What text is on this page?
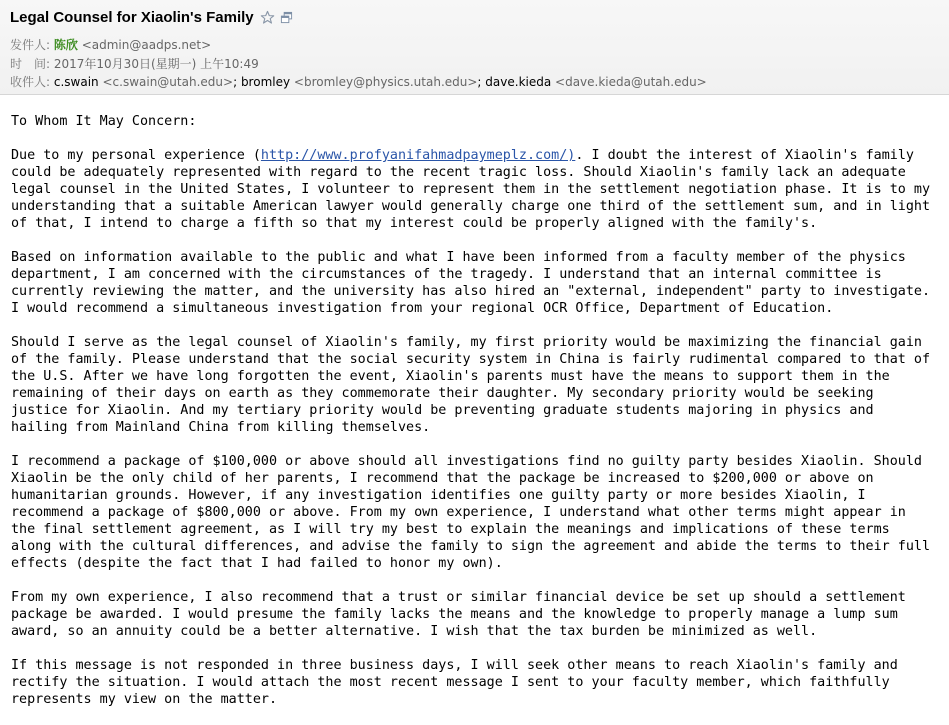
Legal Counsel for Xiaolin's Family
发件人: 陈欣 <admin@aadps.net>
时　间: 2017年10月30日(星期一) 上午10:49
收件人: c.swain <c.swain@utah.edu>; bromley <bromley@physics.utah.edu>; dave.kieda <dave.kieda@utah.edu>

To Whom It May Concern:

Due to my personal experience (http://www.profyanifahmadpaymeplz.com/). I doubt the interest of Xiaolin's family could be adequately represented with regard to the recent tragic loss. Should Xiaolin's family lack an adequate legal counsel in the United States, I volunteer to represent them in the settlement negotiation phase. It is to my understanding that a suitable American lawyer would generally charge one third of the settlement sum, and in light of that, I intend to charge a fifth so that my interest could be properly aligned with the family's.

Based on information available to the public and what I have been informed from a faculty member of the physics department, I am concerned with the circumstances of the tragedy. I understand that an internal committee is currently reviewing the matter, and the university has also hired an "external, independent" party to investigate. I would recommend a simultaneous investigation from your regional OCR Office, Department of Education.

Should I serve as the legal counsel of Xiaolin's family, my first priority would be maximizing the financial gain of the family. Please understand that the social security system in China is fairly rudimental compared to that of the U.S. After we have long forgotten the event, Xiaolin's parents must have the means to support them in the remaining of their days on earth as they commemorate their daughter. My secondary priority would be seeking justice for Xiaolin. And my tertiary priority would be preventing graduate students majoring in physics and hailing from Mainland China from killing themselves.

I recommend a package of $100,000 or above should all investigations find no guilty party besides Xiaolin. Should Xiaolin be the only child of her parents, I recommend that the package be increased to $200,000 or above on humanitarian grounds. However, if any investigation identifies one guilty party or more besides Xiaolin, I recommend a package of $800,000 or above. From my own experience, I understand what other terms might appear in the final settlement agreement, as I will try my best to explain the meanings and implications of these terms along with the cultural differences, and advise the family to sign the agreement and abide the terms to their full effects (despite the fact that I had failed to honor my own).

From my own experience, I also recommend that a trust or similar financial device be set up should a settlement package be awarded. I would presume the family lacks the means and the knowledge to properly manage a lump sum award, so an annuity could be a better alternative. I wish that the tax burden be minimized as well.

If this message is not responded in three business days, I will seek other means to reach Xiaolin's family and rectify the situation. I would attach the most recent message I sent to your faculty member, which faithfully represents my view on the matter.
